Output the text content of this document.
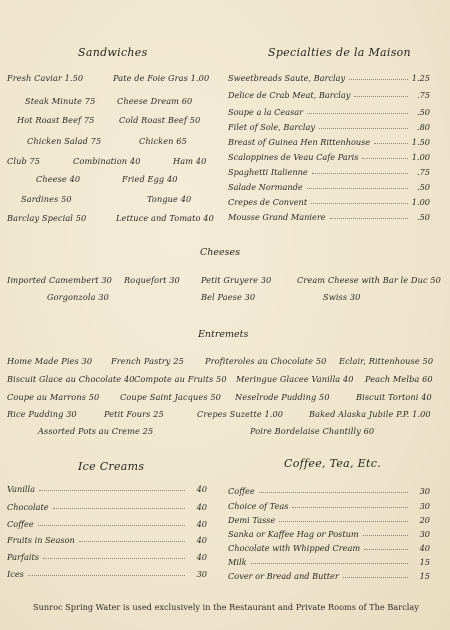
Sandwiches
Fresh Caviar 1.50	Pate de Foie Gras 1.00
Steak Minute 75	Cheese Dream 60
Hot Roast Beef 75	Cold Roast Beef 50
Chicken Salad 75	Chicken 65
Club 75	Combination 40	Ham 40
Cheese 40	Fried Egg 40
Sardines 50	Tongue 40
Barclay Special 50	Lettuce and Tomato 40
Specialties de la Maison
Sweetbreads Saute, Barclay	1.25
Delice de Crab Meat, Barclay	.75
Soupe a la Ceasar	.50
Filet of Sole, Barclay	.80
Breast of Guinea Hen Rittenhouse	1.50
Scaloppines de Veau Cafe Paris	1.00
Spaghetti Italienne	.75
Salade Normande	.50
Crepes de Convent	1.00
Mousse Grand Maniere	.50
Cheeses
Imported Camembert 30 Roquefort 30	Petit Gruyere 30	Cream Cheese with Bar le Duc 50
Gorgonzola 30	Bel Paese 30	Swiss 30
Entremets
Home Made Pies 30 French Pastry 25	Profiteroles au Chocolate 50 Eclair, Rittenhouse 50
Biscuit Glace au Chocolate 40 Compote au Fruits 50 Meringue Glacee Vanilla 40 Peach Melba 60
Coupe au Marrons 50	Coupe Saint Jacques 50 Neselrode Pudding 50	Biscuit Tortoni 40
Rice Pudding 30	Petit Fours 25	Crepes Suzette 1.00	Baked Alaska Jubile P.P. 1.00
Assorted Pots au Creme 25	Poire Bordelaise Chantilly 60
Ice Creams
Vanilla	40
Chocolate	40
Coffee	40
Fruits in Season	40
Parfaits	40
Ices	30
Coffee, Tea, Etc.
Coffee	30
Choice of Teas	30
Demi Tasse	20
Sanka or Kaffee Hag or Postum	30
Chocolate with Whipped Cream	40
Milk	15
Cover or Bread and Butter	15
Sunroc Spring Water is used exclusively in the Restaurant and Private Rooms of The Barclay
